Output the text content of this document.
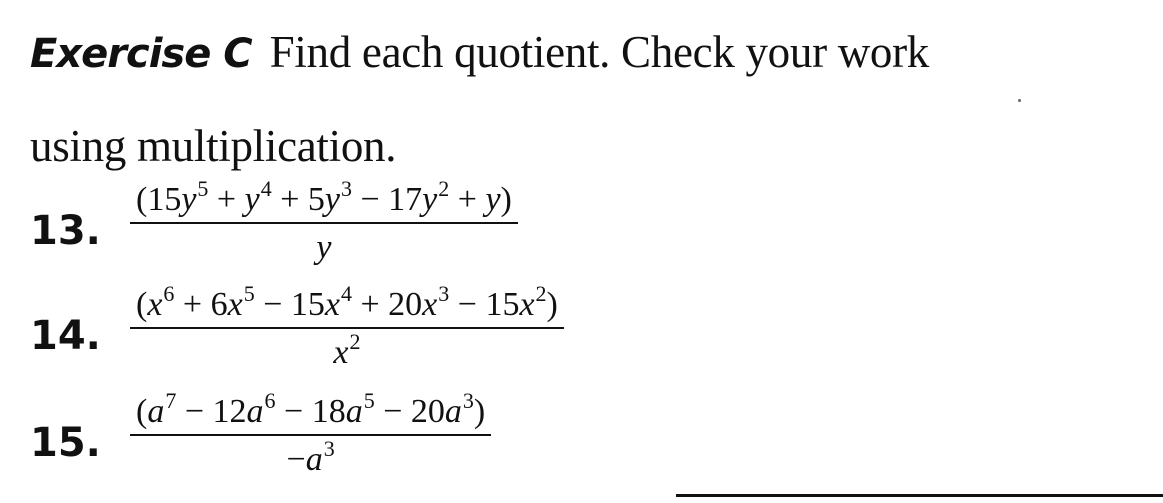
Exercise C Find each quotient. Check your work
using multiplication.
13. $\frac{(15y^5 + y^4 + 5y^3 - 17y^2 + y)}{y}$
14. $\frac{(x^6 + 6x^5 - 15x^4 + 20x^3 - 15x^2)}{x^2}$
15. $\frac{(a^7 - 12a^6 - 18a^5 - 20a^3)}{-a^3}$
